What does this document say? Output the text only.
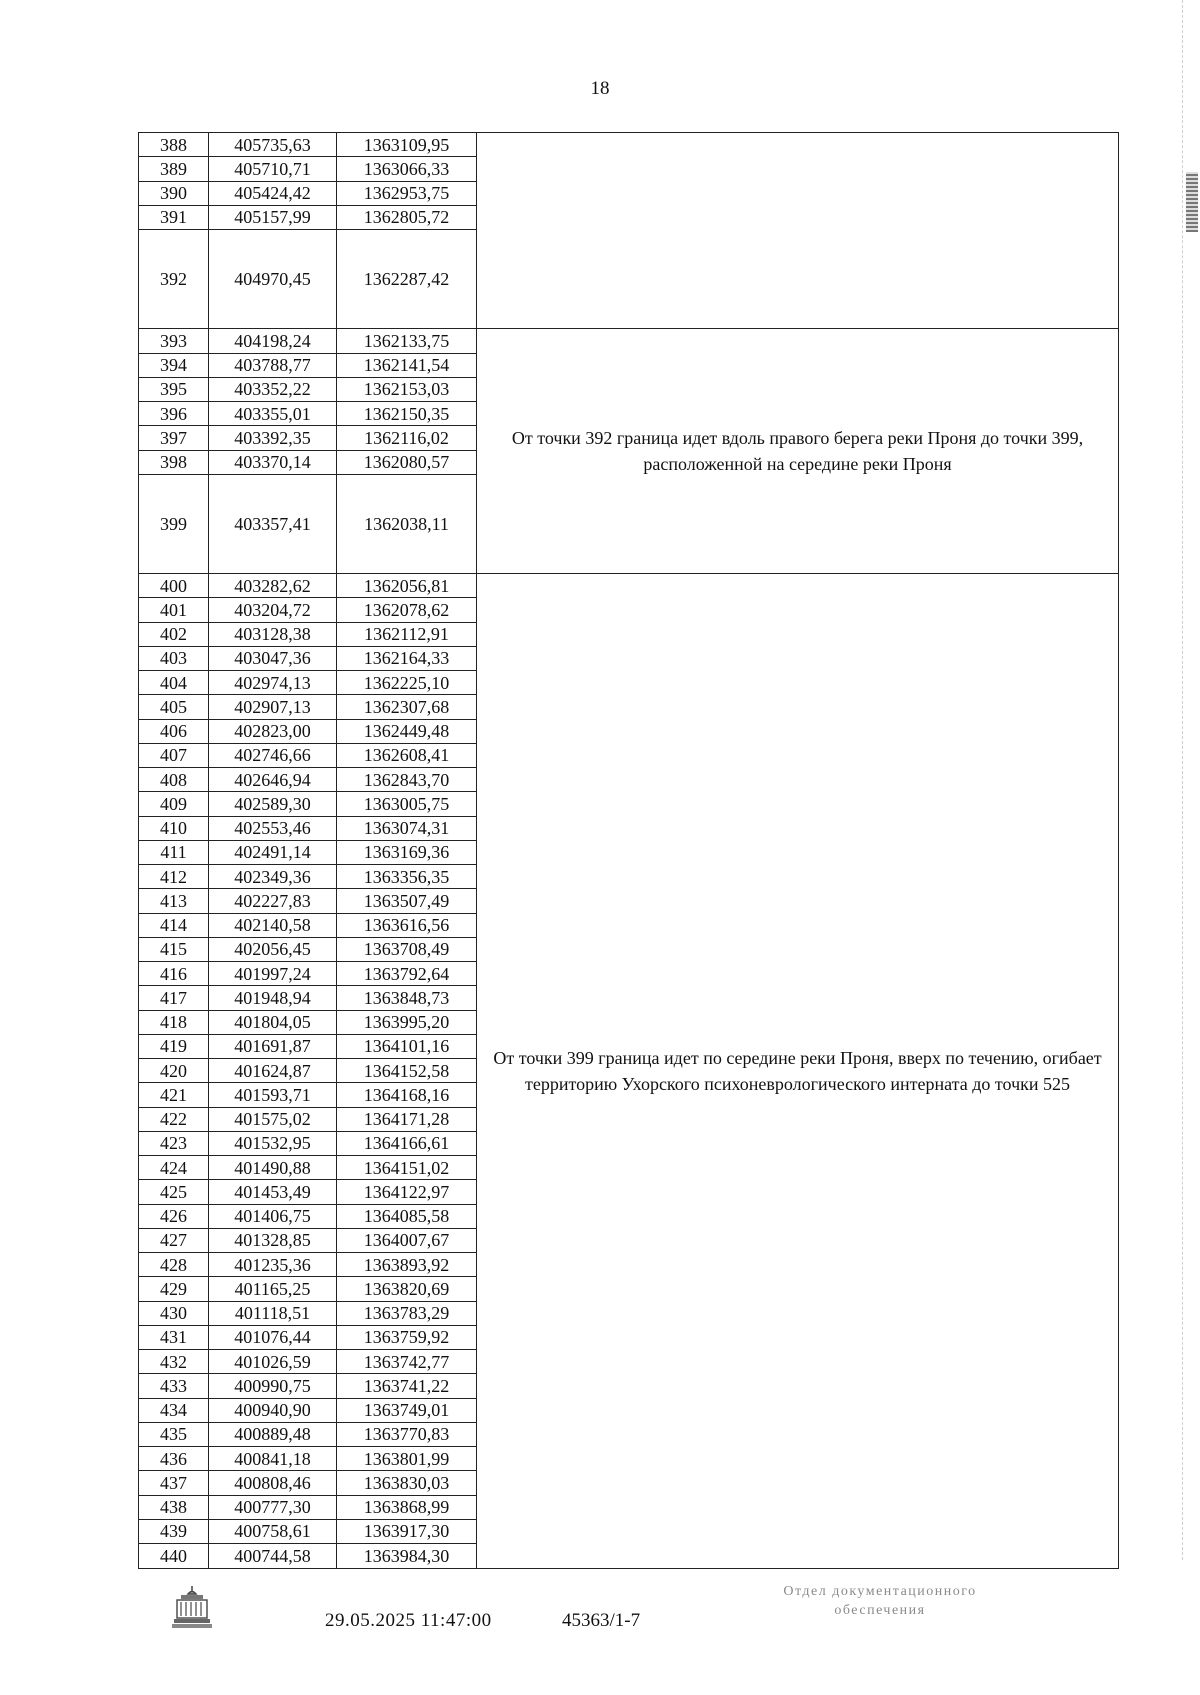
18
388	405735,63	1363109,95	
389	405710,71	1363066,33	
390	405424,42	1362953,75	
391	405157,99	1362805,72	
392	404970,45	1362287,42	
393	404198,24	1362133,75	От точки 392 граница идет вдоль правого берега реки Проня до точки 399, расположенной на середине реки Проня
394	403788,77	1362141,54	
395	403352,22	1362153,03	
396	403355,01	1362150,35	
397	403392,35	1362116,02	
398	403370,14	1362080,57	
399	403357,41	1362038,11	
400	403282,62	1362056,81	От точки 399 граница идет по середине реки Проня, вверх по течению, огибает территорию Ухорского психоневрологического интерната до точки 525
401	403204,72	1362078,62	
402	403128,38	1362112,91	
403	403047,36	1362164,33	
404	402974,13	1362225,10	
405	402907,13	1362307,68	
406	402823,00	1362449,48	
407	402746,66	1362608,41	
408	402646,94	1362843,70	
409	402589,30	1363005,75	
410	402553,46	1363074,31	
411	402491,14	1363169,36	
412	402349,36	1363356,35	
413	402227,83	1363507,49	
414	402140,58	1363616,56	
415	402056,45	1363708,49	
416	401997,24	1363792,64	
417	401948,94	1363848,73	
418	401804,05	1363995,20	
419	401691,87	1364101,16	
420	401624,87	1364152,58	
421	401593,71	1364168,16	
422	401575,02	1364171,28	
423	401532,95	1364166,61	
424	401490,88	1364151,02	
425	401453,49	1364122,97	
426	401406,75	1364085,58	
427	401328,85	1364007,67	
428	401235,36	1363893,92	
429	401165,25	1363820,69	
430	401118,51	1363783,29	
431	401076,44	1363759,92	
432	401026,59	1363742,77	
433	400990,75	1363741,22	
434	400940,90	1363749,01	
435	400889,48	1363770,83	
436	400841,18	1363801,99	
437	400808,46	1363830,03	
438	400777,30	1363868,99	
439	400758,61	1363917,30	
440	400744,58	1363984,30	
29.05.2025 11:47:00	45363/1-7
Отдел документационного
обеспечения
